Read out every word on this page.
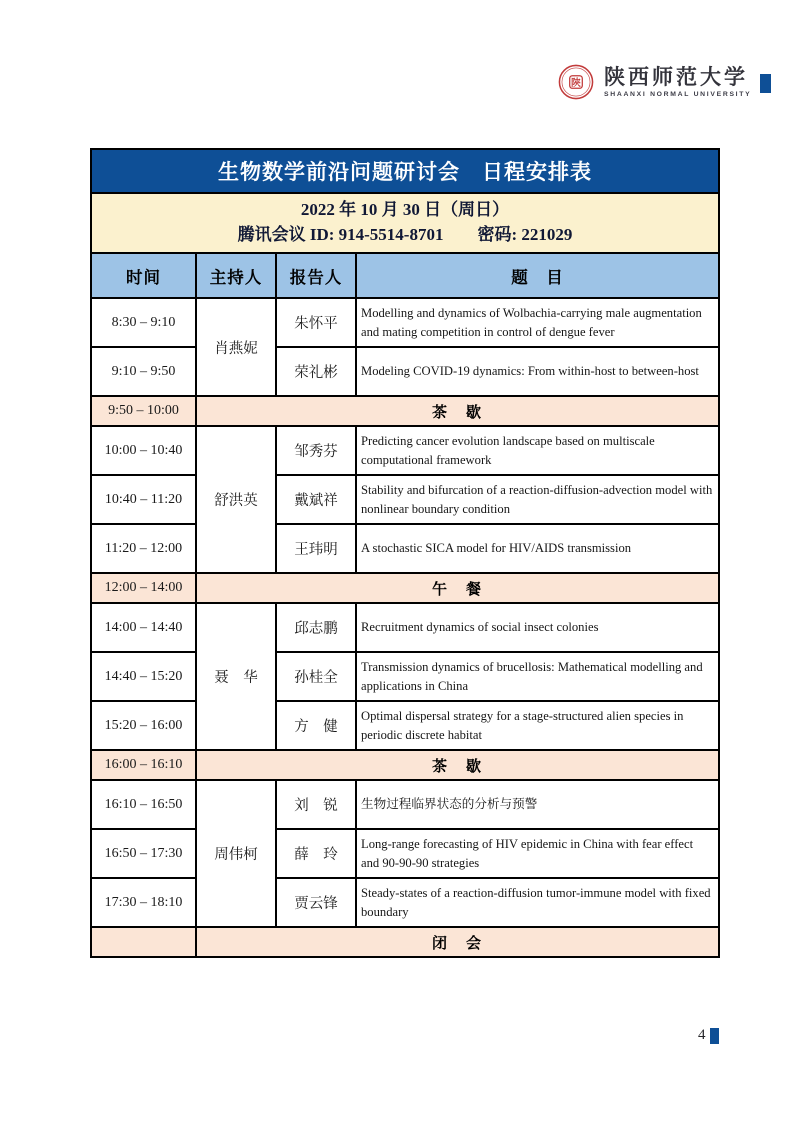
陕 陕西师范大学
SHAANXI NORMAL UNIVERSITY
生物数学前沿问题研讨会　日程安排表			

2022 年 10 月 30 日（周日）
腾讯会议 ID: 914-5514-8701　　密码: 221029			

时间	主持人	报告人	题　目
8:30 – 9:10	肖燕妮	朱怀平	Modelling and dynamics of Wolbachia-carrying male augmentation and mating competition in control of dengue fever
9:10 – 9:50		荣礼彬	Modeling COVID-19 dynamics: From within-host to between-host
9:50 – 10:00	茶　歇		
10:00 – 10:40	舒洪英	邹秀芬	Predicting cancer evolution landscape based on multiscale computational framework
10:40 – 11:20		戴斌祥	Stability and bifurcation of a reaction-diffusion-advection model with nonlinear boundary condition
11:20 – 12:00		王玮明	A stochastic SICA model for HIV/AIDS transmission
12:00 – 14:00	午　餐		
14:00 – 14:40	聂　华	邱志鹏	Recruitment dynamics of social insect colonies
14:40 – 15:20		孙桂全	Transmission dynamics of brucellosis: Mathematical modelling and applications in China
15:20 – 16:00		方　健	Optimal dispersal strategy for a stage-structured alien species in periodic discrete habitat
16:00 – 16:10	茶　歇		
16:10 – 16:50	周伟柯	刘　锐	生物过程临界状态的分析与预警
16:50 – 17:30		薛　玲	Long-range forecasting of HIV epidemic in China with fear effect and 90-90-90 strategies
17:30 – 18:10		贾云锋	Steady-states of a reaction-diffusion tumor-immune model with fixed boundary
	闭　会		
4
